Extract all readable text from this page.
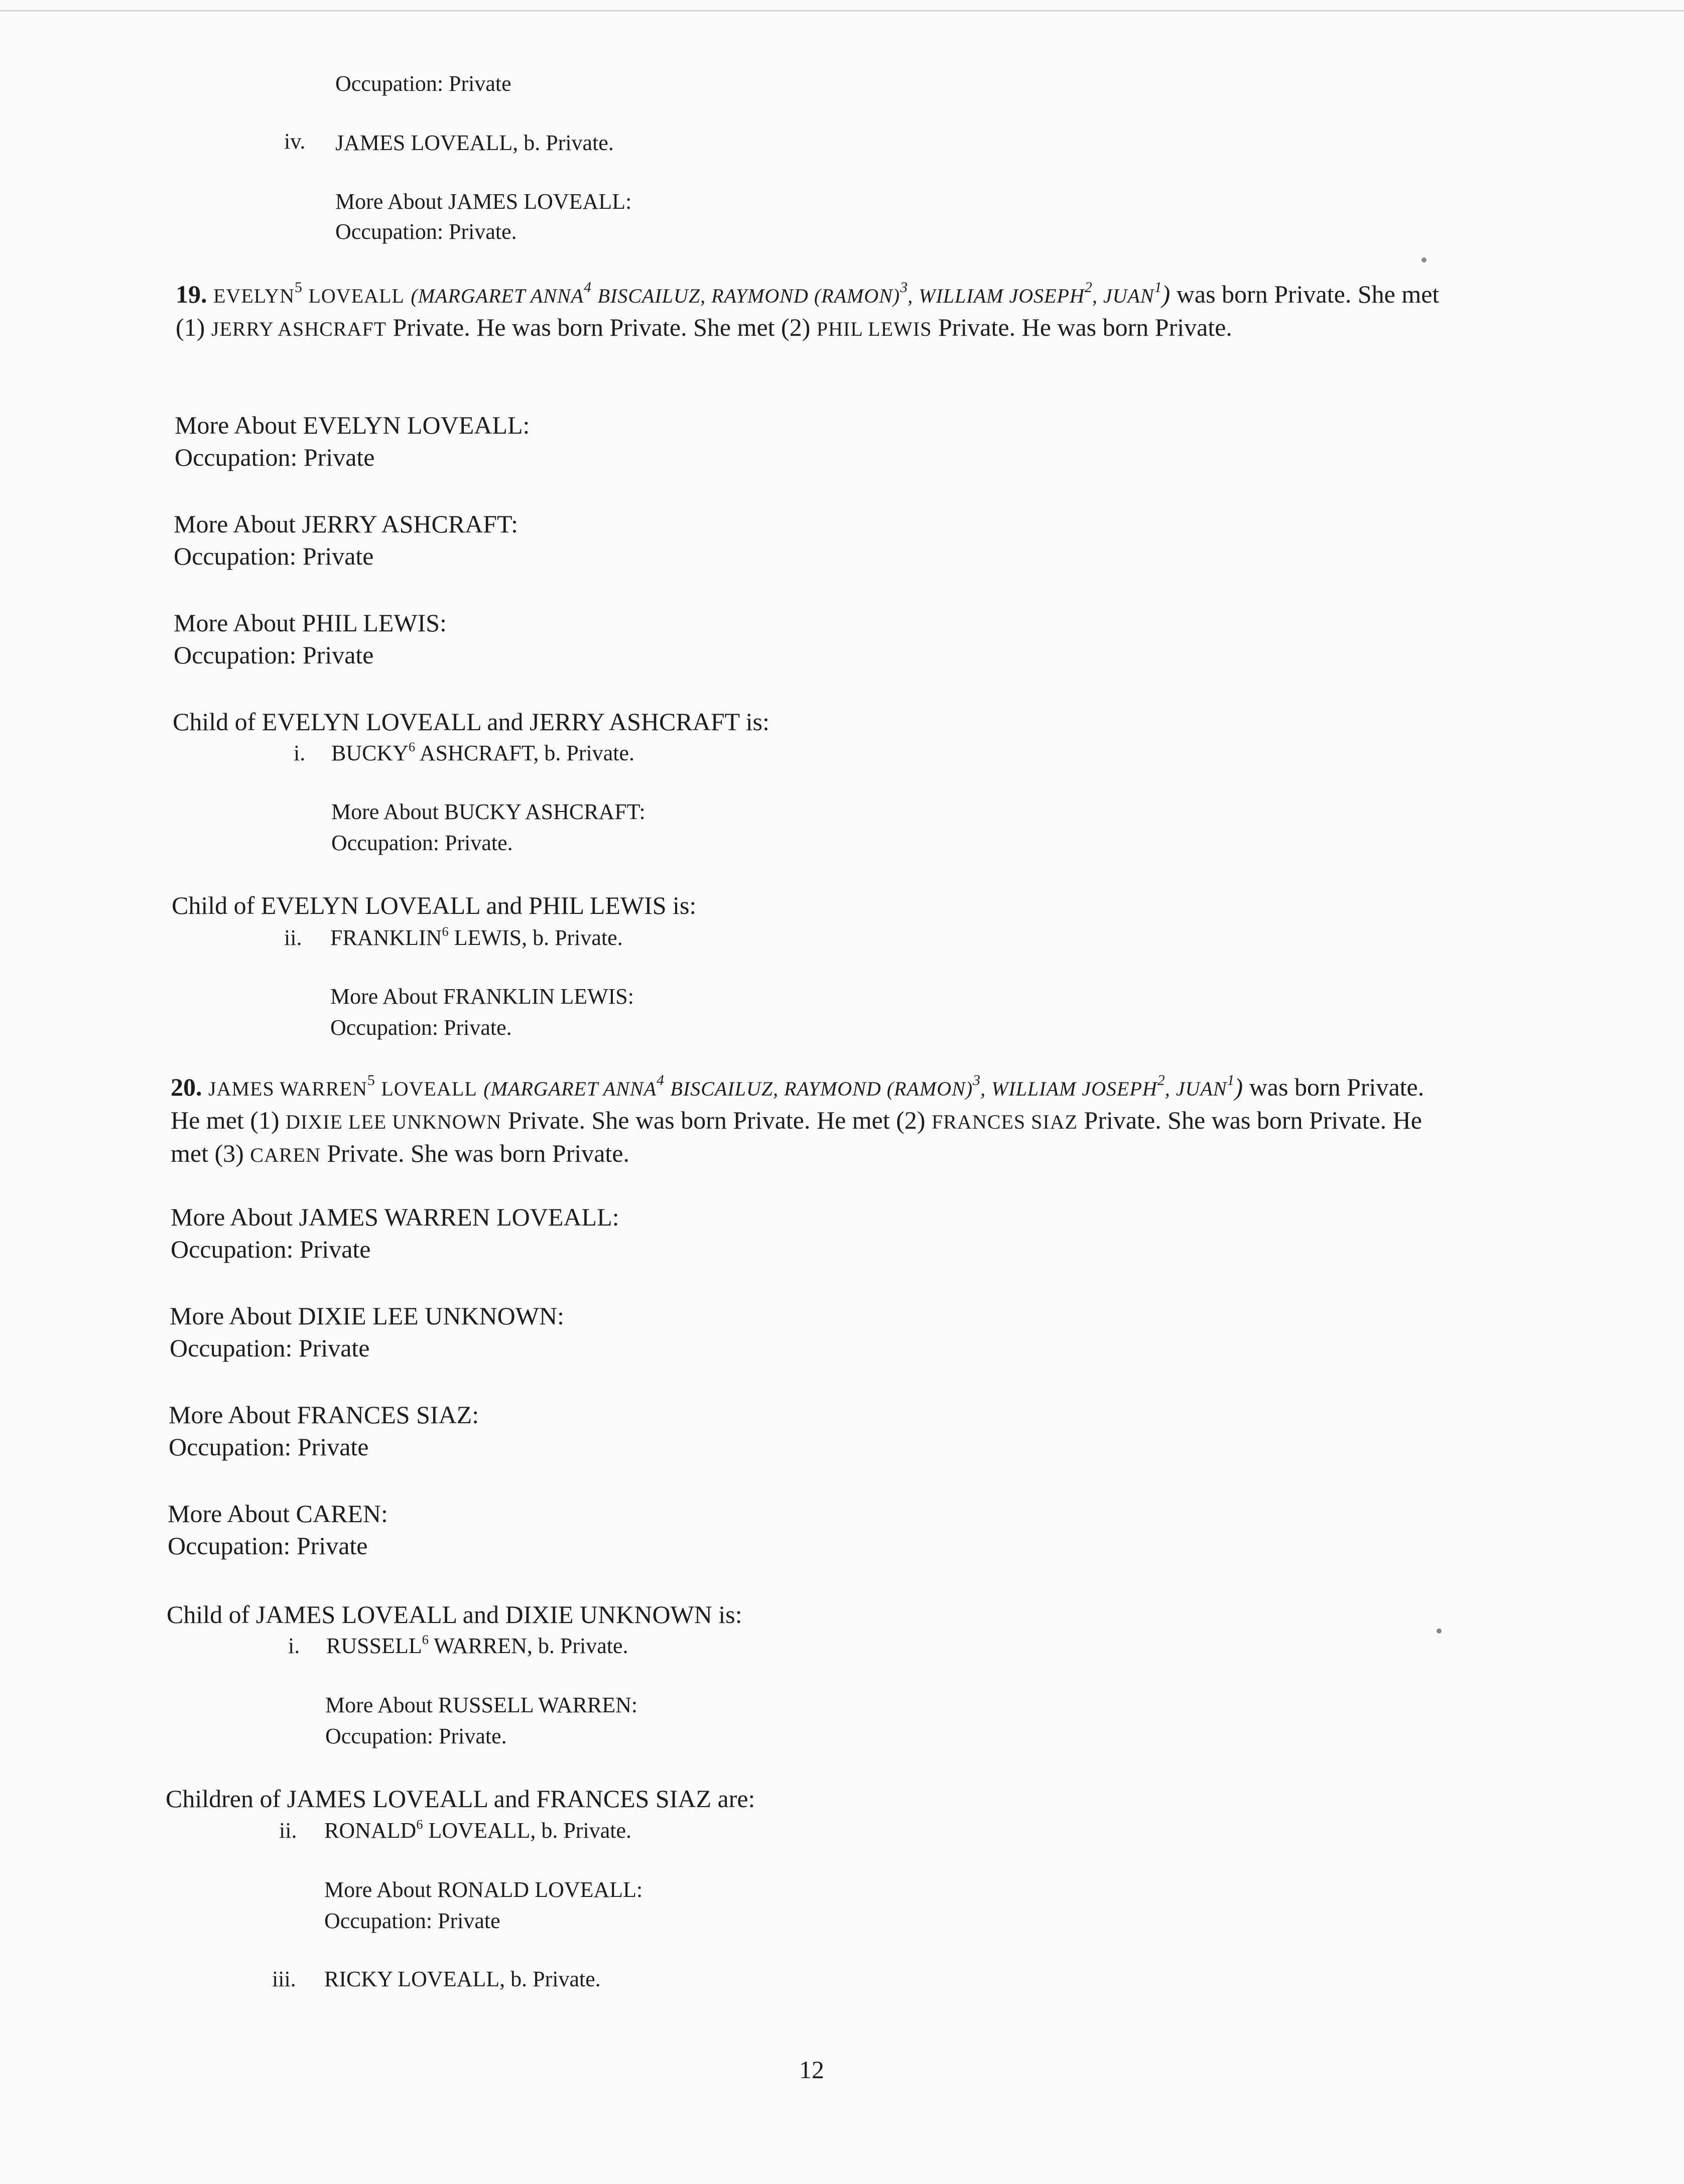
Occupation: Private
iv. JAMES LOVEALL, b. Private.
More About JAMES LOVEALL:
Occupation: Private.
19. EVELYN$^5$ LOVEALL (MARGARET ANNA$^4$ BISCAILUZ, RAYMOND (RAMON)$^3$, WILLIAM JOSEPH$^2$, JUAN$^1$) was born Private. She met (1) JERRY ASHCRAFT Private. He was born Private. She met (2) PHIL LEWIS Private. He was born Private.
More About EVELYN LOVEALL:
Occupation: Private
More About JERRY ASHCRAFT:
Occupation: Private
More About PHIL LEWIS:
Occupation: Private
Child of EVELYN LOVEALL and JERRY ASHCRAFT is:
i. BUCKY$^6$ ASHCRAFT, b. Private.
More About BUCKY ASHCRAFT:
Occupation: Private.
Child of EVELYN LOVEALL and PHIL LEWIS is:
ii. FRANKLIN$^6$ LEWIS, b. Private.
More About FRANKLIN LEWIS:
Occupation: Private.
20. JAMES WARREN$^5$ LOVEALL (MARGARET ANNA$^4$ BISCAILUZ, RAYMOND (RAMON)$^3$, WILLIAM JOSEPH$^2$, JUAN$^1$) was born Private. He met (1) DIXIE LEE UNKNOWN Private. She was born Private. He met (2) FRANCES SIAZ Private. She was born Private. He met (3) CAREN Private. She was born Private.
More About JAMES WARREN LOVEALL:
Occupation: Private
More About DIXIE LEE UNKNOWN:
Occupation: Private
More About FRANCES SIAZ:
Occupation: Private
More About CAREN:
Occupation: Private
Child of JAMES LOVEALL and DIXIE UNKNOWN is:
i. RUSSELL$^6$ WARREN, b. Private.
More About RUSSELL WARREN:
Occupation: Private.
Children of JAMES LOVEALL and FRANCES SIAZ are:
ii. RONALD$^6$ LOVEALL, b. Private.
More About RONALD LOVEALL:
Occupation: Private
iii. RICKY LOVEALL, b. Private.
12
